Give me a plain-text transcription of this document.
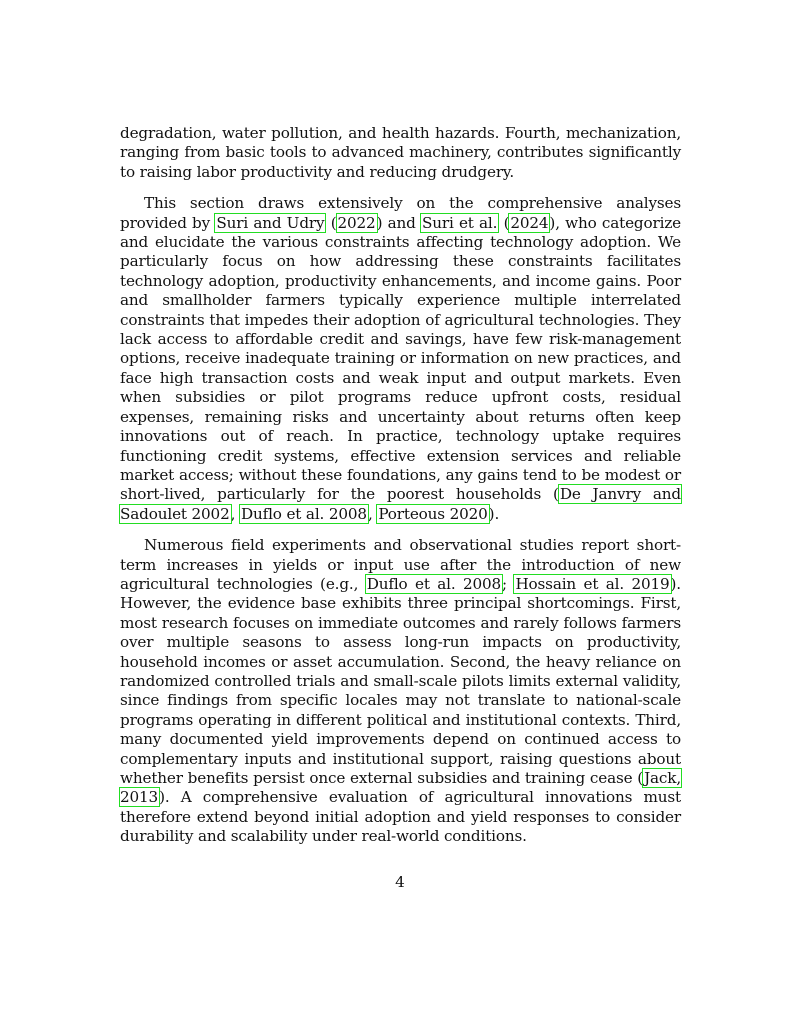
degradation, water pollution, and health hazards. Fourth, mechanization, ranging from basic tools to advanced machinery, contributes significantly to raising labor productivity and reducing drudgery.

This section draws extensively on the comprehensive analyses provided by Suri and Udry (2022) and Suri et al. (2024), who categorize and elucidate the various constraints affecting technology adoption. We particularly focus on how addressing these constraints facilitates technology adoption, productivity enhancements, and income gains. Poor and smallholder farmers typically experience multiple interrelated constraints that impedes their adoption of agricultural technologies. They lack access to affordable credit and savings, have few risk-management options, receive inadequate training or information on new practices, and face high transaction costs and weak input and output markets. Even when subsidies or pilot programs reduce upfront costs, residual expenses, remaining risks and uncertainty about returns often keep innovations out of reach. In practice, technology uptake requires functioning credit systems, effective extension services and reliable market access; without these foundations, any gains tend to be modest or short-lived, particularly for the poorest households (De Janvry and Sadoulet 2002, Duflo et al. 2008, Porteous 2020).

Numerous field experiments and observational studies report short-term increases in yields or input use after the introduction of new agricultural technologies (e.g., Duflo et al. 2008; Hossain et al. 2019). However, the evidence base exhibits three principal shortcomings. First, most research focuses on immediate outcomes and rarely follows farmers over multiple seasons to assess long-run impacts on productivity, household incomes or asset accumulation. Second, the heavy reliance on randomized controlled trials and small-scale pilots limits external validity, since findings from specific locales may not translate to national-scale programs operating in different political and institutional contexts. Third, many documented yield improvements depend on continued access to complementary inputs and institutional support, raising questions about whether benefits persist once external subsidies and training cease (Jack, 2013). A comprehensive evaluation of agricultural innovations must therefore extend beyond initial adoption and yield responses to consider durability and scalability under real-world conditions.

4
